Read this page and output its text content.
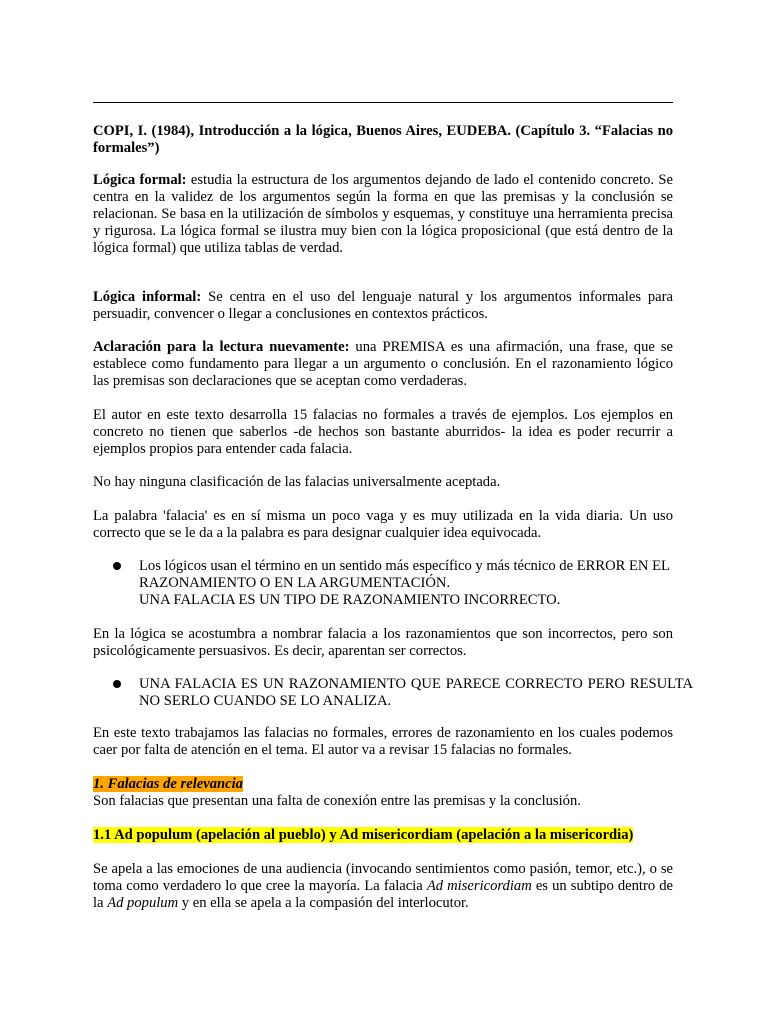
COPI, I. (1984), Introducción a la lógica, Buenos Aires, EUDEBA. (Capítulo 3. “Falacias no formales”)

Lógica formal: estudia la estructura de los argumentos dejando de lado el contenido concreto. Se centra en la validez de los argumentos según la forma en que las premisas y la conclusión se relacionan. Se basa en la utilización de símbolos y esquemas, y constituye una herramienta precisa y rigurosa. La lógica formal se ilustra muy bien con la lógica proposicional (que está dentro de la lógica formal) que utiliza tablas de verdad.

Lógica informal: Se centra en el uso del lenguaje natural y los argumentos informales para persuadir, convencer o llegar a conclusiones en contextos prácticos.

Aclaración para la lectura nuevamente: una PREMISA es una afirmación, una frase, que se establece como fundamento para llegar a un argumento o conclusión. En el razonamiento lógico las premisas son declaraciones que se aceptan como verdaderas.

El autor en este texto desarrolla 15 falacias no formales a través de ejemplos. Los ejemplos en concreto no tienen que saberlos -de hechos son bastante aburridos- la idea es poder recurrir a ejemplos propios para entender cada falacia.

No hay ninguna clasificación de las falacias universalmente aceptada.

La palabra 'falacia' es en sí misma un poco vaga y es muy utilizada en la vida diaria. Un uso correcto que se le da a la palabra es para designar cualquier idea equivocada.

Los lógicos usan el término en un sentido más específico y más técnico de ERROR EN EL RAZONAMIENTO O EN LA ARGUMENTACIÓN.
UNA FALACIA ES UN TIPO DE RAZONAMIENTO INCORRECTO.

En la lógica se acostumbra a nombrar falacia a los razonamientos que son incorrectos, pero son psicológicamente persuasivos. Es decir, aparentan ser correctos.

UNA FALACIA ES UN RAZONAMIENTO QUE PARECE CORRECTO PERO RESULTA NO SERLO CUANDO SE LO ANALIZA.

En este texto trabajamos las falacias no formales, errores de razonamiento en los cuales podemos caer por falta de atención en el tema. El autor va a revisar 15 falacias no formales.

1. Falacias de relevancia
Son falacias que presentan una falta de conexión entre las premisas y la conclusión.
1.1 Ad populum (apelación al pueblo) y Ad misericordiam (apelación a la misericordia)

Se apela a las emociones de una audiencia (invocando sentimientos como pasión, temor, etc.), o se toma como verdadero lo que cree la mayoría. La falacia Ad misericordiam es un subtipo dentro de la Ad populum y en ella se apela a la compasión del interlocutor.
